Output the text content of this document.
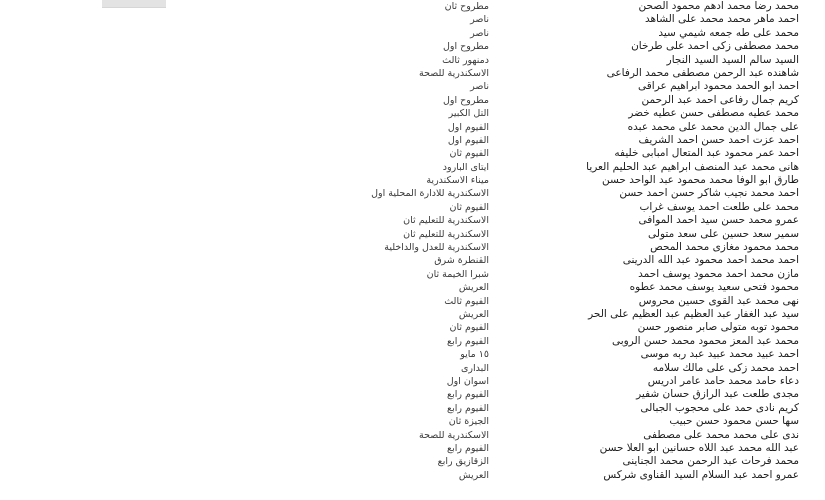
محمد رضا محمد ادهم محمود الصحن
مطروح ثان
احمد ماهر محمد محمد على الشاهد
ناصر
محمد على طه جمعه شيمي سيد
ناصر
محمد مصطفى زكى احمد على طرخان
مطروح اول
السيد سالم السيد السيد النجار
دمنهور ثالث
شاهنده عبد الرحمن مصطفى محمد الرفاعى
الاسكندرية للصحة
احمد ابو الحمد محمود ابراهيم عراقى
ناصر
كريم جمال رفاعى احمد عبد الرحمن
مطروح اول
محمد عطيه مصطفى حسن عطيه خضر
التل الكبير
على جمال الدين محمد على محمد عبده
الفيوم اول
احمد عزت احمد حسن احمد الشريف
الفيوم اول
احمد عمر محمود عبد المتعال امبابى خليفه
الفيوم ثان
هانى محمد عبد المنصف ابراهيم عبد الحليم العريا
ايتاى البارود
طارق ابو الوفا محمد محمود عبد الواحد حسن
ميناء الاسكندرية
احمد محمد نجيب شاكر حسن احمد حسن
الاسكندرية للادارة المحلية اول
محمد على طلعت احمد يوسف غراب
الفيوم ثان
عمرو محمد حسن سيد احمد الموافى
الاسكندرية للتعليم ثان
سمير سعد حسين على سعد متولى
الاسكندرية للتعليم ثان
محمد محمود مغازى محمد المحص
الاسكندرية للعدل والداخلية
احمد محمد احمد محمود عبد الله الدرينى
القنطرة شرق
مازن محمد احمد محمود يوسف احمد
شبرا الخيمة ثان
محمود فتحى سعيد يوسف محمد عطوه
العريش
نهى محمد عبد القوى حسين محروس
الفيوم ثالث
سيد عبد الغفار عبد العظيم عبد العظيم على الحر
العريش
محمود توبه متولى صابر منصور حسن
الفيوم ثان
محمد عبد المعز محمود محمد حسن الروبى
الفيوم رابع
احمد عبيد محمد عبيد عبد ربه موسى
١٥ مايو
احمد محمد زكى على مالك سلامه
البدارى
دعاء حامد محمد حامد عامر ادريس
اسوان اول
مجدى طلعت عبد الرازق حسان شفير
الفيوم رابع
كريم نادى حمد على محجوب الجبالى
الفيوم رابع
سها حسن محمود حسن حبيب
الجيزة ثان
ندى على محمد محمد على مصطفى
الاسكندرية للصحة
عبد الله محمد عبد اللاه حسانين ابو العلا حسن
الفيوم رابع
محمد فرحات عبد الرحمن محمد الجناينى
الزقازيق رابع
عمرو احمد عبد السلام السيد القناوى شركس
العريش
